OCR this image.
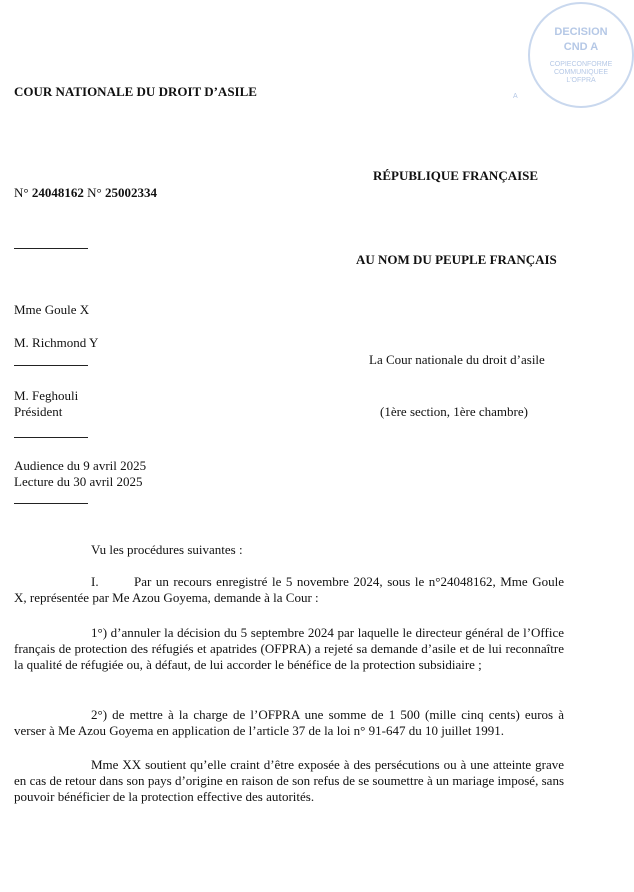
DECISION
CND A
COPIECONFORME
COMMUNIQUEE
L'OFPRA
A
COUR NATIONALE DU DROIT D’ASILE
RÉPUBLIQUE FRANÇAISE
N° 24048162 N° 25002334
AU NOM DU PEUPLE FRANÇAIS
Mme Goule X
M. Richmond Y
La Cour nationale du droit d’asile
M. Feghouli
Président	(1ère section, 1ère chambre)
Audience du 9 avril 2025
Lecture du 30 avril 2025
Vu les procédures suivantes :
I.	Par un recours enregistré le 5 novembre 2024, sous le n°24048162, Mme Goule X, représentée par Me Azou Goyema, demande à la Cour :
1°) d’annuler la décision du 5 septembre 2024 par laquelle le directeur général de l’Office français de protection des réfugiés et apatrides (OFPRA) a rejeté sa demande d’asile et de lui reconnaître la qualité de réfugiée ou, à défaut, de lui accorder le bénéfice de la protection subsidiaire ;
2°) de mettre à la charge de l’OFPRA une somme de 1 500 (mille cinq cents) euros à verser à Me Azou Goyema en application de l’article 37 de la loi n° 91-647 du 10 juillet 1991.
Mme XX soutient qu’elle craint d’être exposée à des persécutions ou à une atteinte grave en cas de retour dans son pays d’origine en raison de son refus de se soumettre à un mariage imposé, sans pouvoir bénéficier de la protection effective des autorités.
